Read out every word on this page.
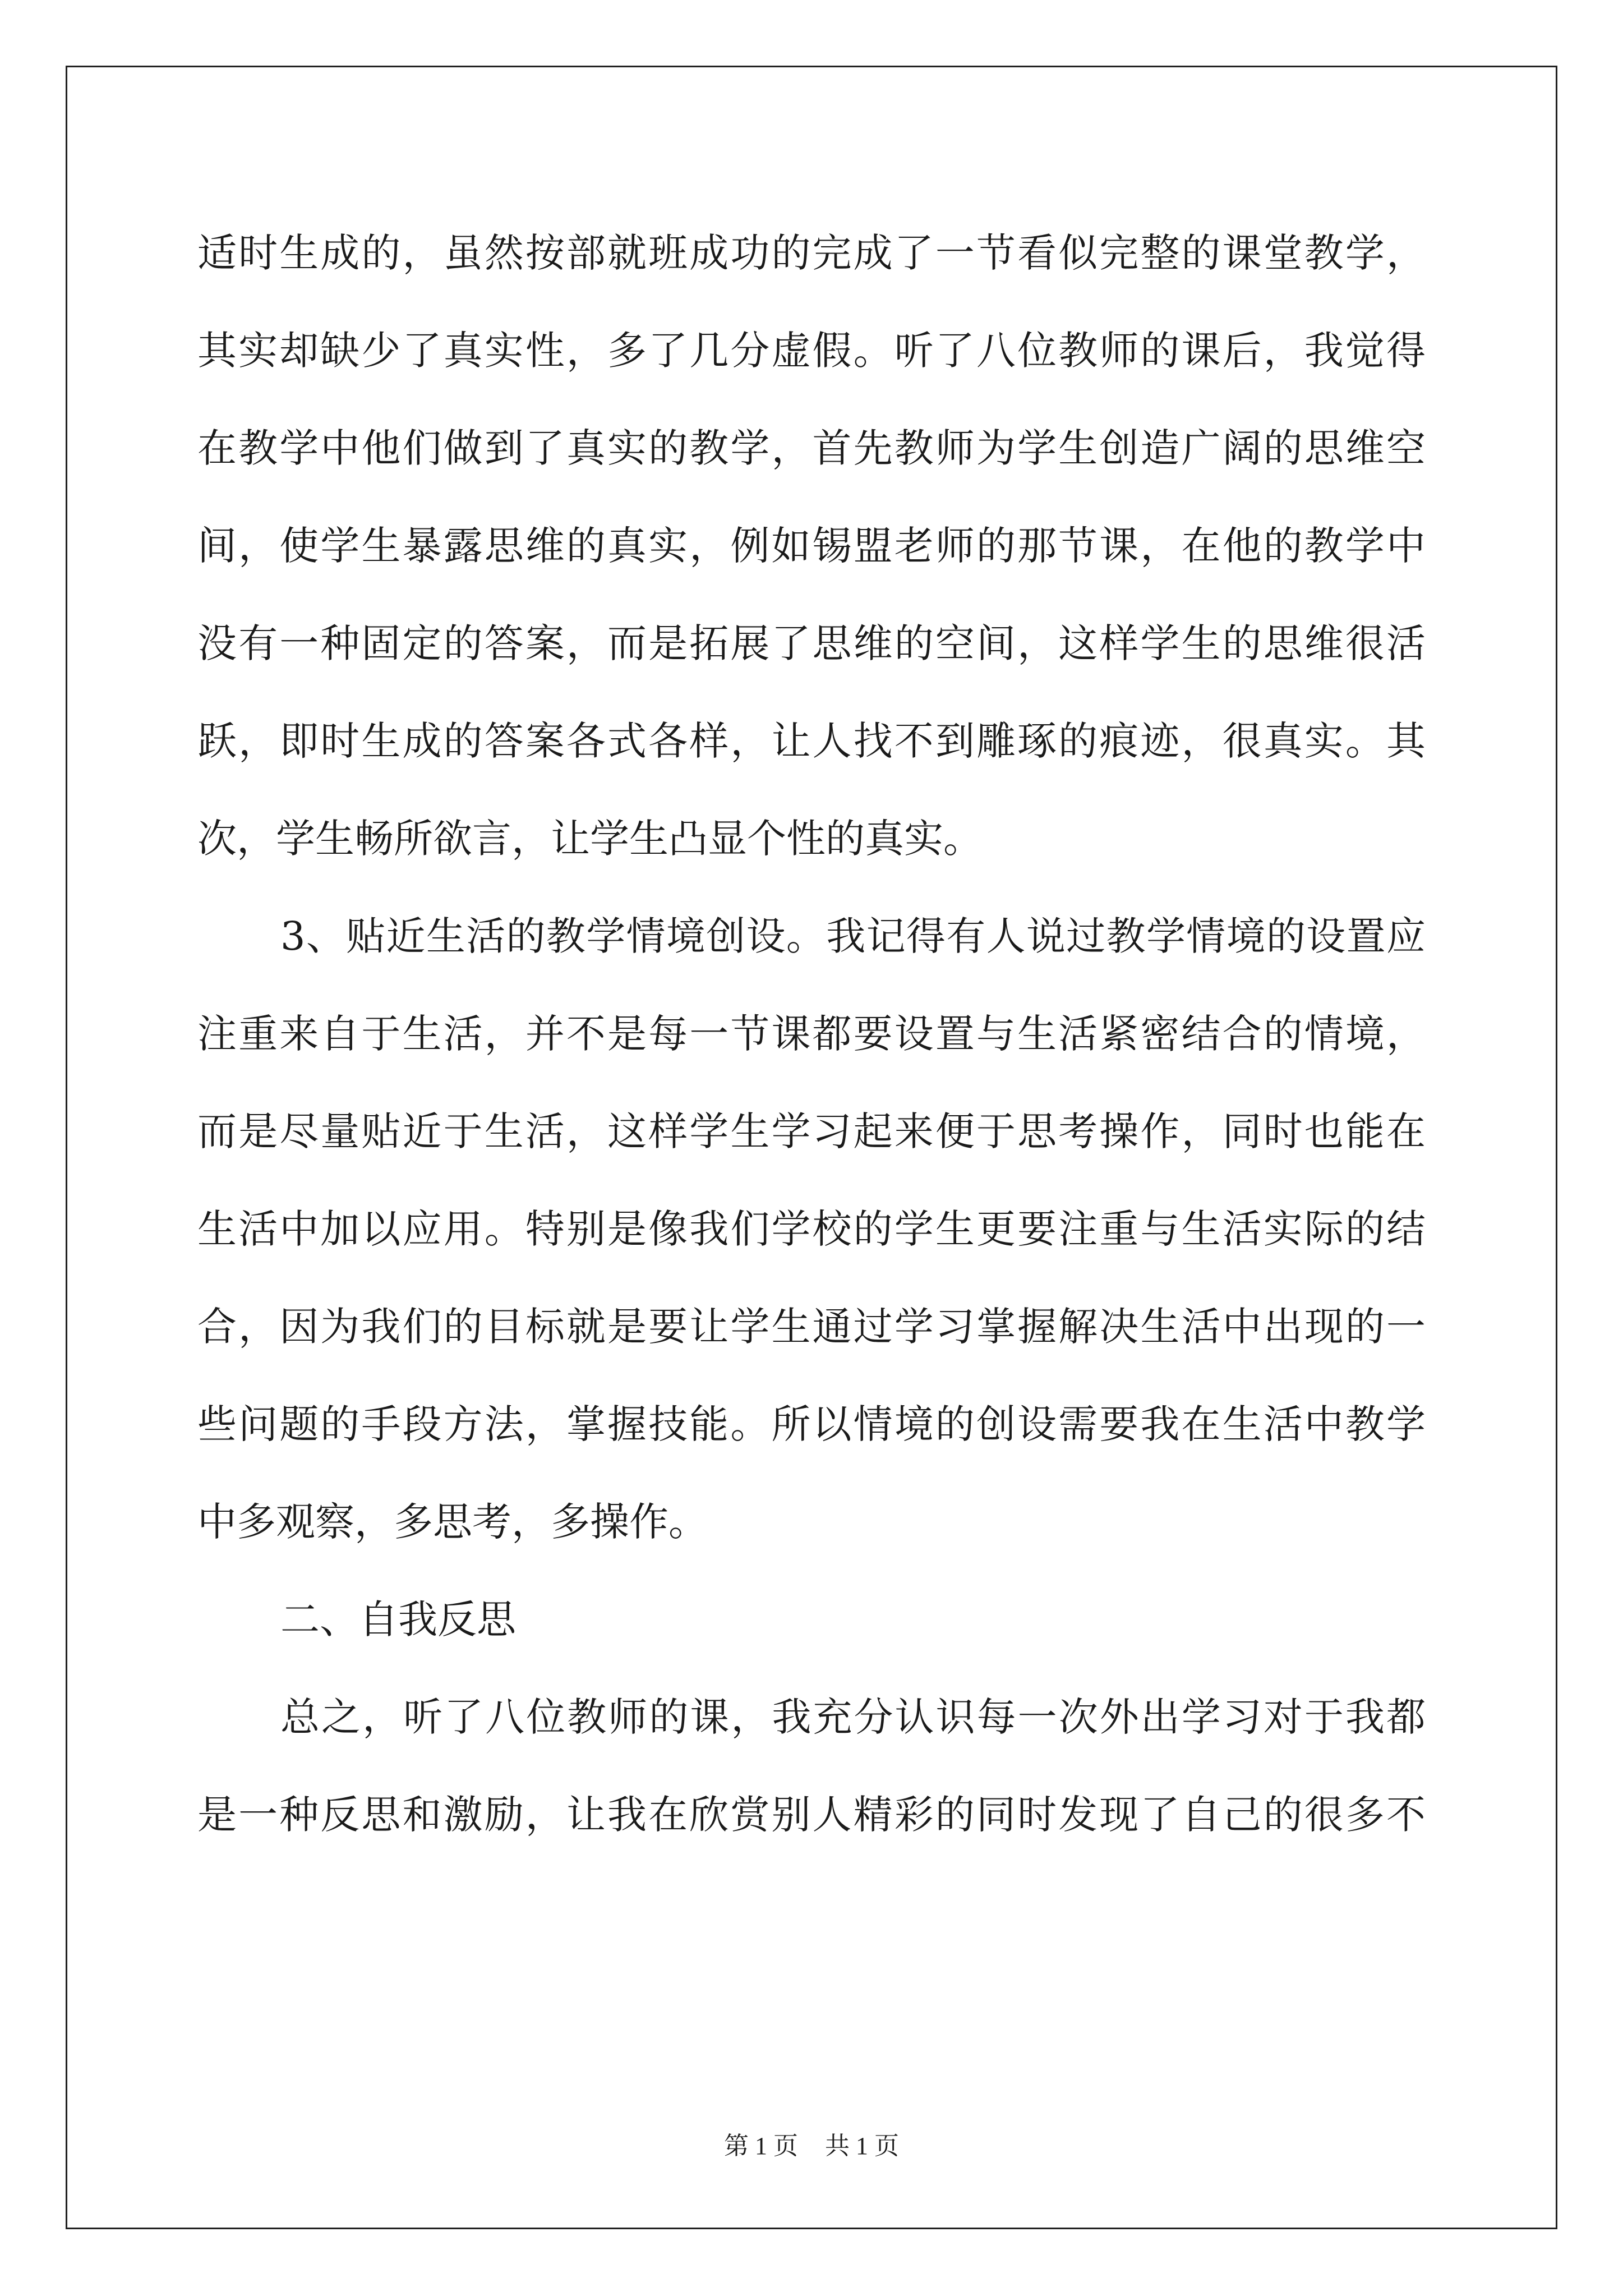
适时生成的，虽然按部就班成功的完成了一节看似完整的课堂教学，
其实却缺少了真实性，多了几分虚假。听了八位教师的课后，我觉得
在教学中他们做到了真实的教学，首先教师为学生创造广阔的思维空
间，使学生暴露思维的真实，例如锡盟老师的那节课，在他的教学中
没有一种固定的答案，而是拓展了思维的空间，这样学生的思维很活
跃，即时生成的答案各式各样，让人找不到雕琢的痕迹，很真实。其
次，学生畅所欲言，让学生凸显个性的真实。
3、贴近生活的教学情境创设。我记得有人说过教学情境的设置应
注重来自于生活，并不是每一节课都要设置与生活紧密结合的情境，
而是尽量贴近于生活，这样学生学习起来便于思考操作，同时也能在
生活中加以应用。特别是像我们学校的学生更要注重与生活实际的结
合，因为我们的目标就是要让学生通过学习掌握解决生活中出现的一
些问题的手段方法，掌握技能。所以情境的创设需要我在生活中教学
中多观察，多思考，多操作。
二、自我反思
总之，听了八位教师的课，我充分认识每一次外出学习对于我都
是一种反思和激励，让我在欣赏别人精彩的同时发现了自己的很多不
第 1 页 共 1 页
